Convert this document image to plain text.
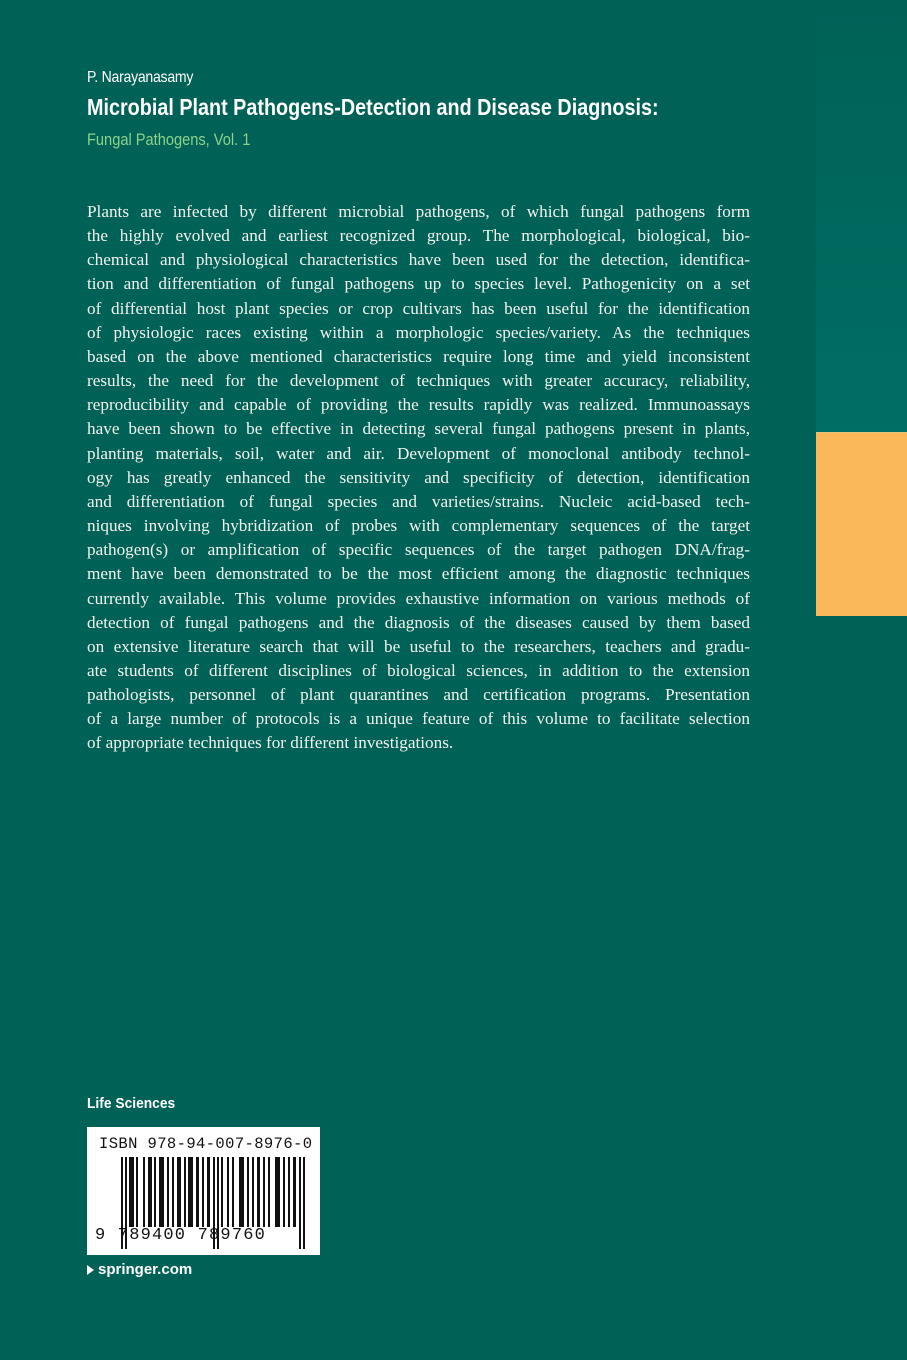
P. Narayanasamy
Microbial Plant Pathogens-Detection and Disease Diagnosis:
Fungal Pathogens, Vol. 1
Plants are infected by different microbial pathogens, of which fungal pathogens form
the highly evolved and earliest recognized group. The morphological, biological, bio-
chemical and physiological characteristics have been used for the detection, identifica-
tion and differentiation of fungal pathogens up to species level. Pathogenicity on a set
of differential host plant species or crop cultivars has been useful for the identification
of physiologic races existing within a morphologic species/variety. As the techniques
based on the above mentioned characteristics require long time and yield inconsistent
results, the need for the development of techniques with greater accuracy, reliability,
reproducibility and capable of providing the results rapidly was realized. Immunoassays
have been shown to be effective in detecting several fungal pathogens present in plants,
planting materials, soil, water and air. Development of monoclonal antibody technol-
ogy has greatly enhanced the sensitivity and specificity of detection, identification
and differentiation of fungal species and varieties/strains. Nucleic acid-based tech-
niques involving hybridization of probes with complementary sequences of the target
pathogen(s) or amplification of specific sequences of the target pathogen DNA/frag-
ment have been demonstrated to be the most efficient among the diagnostic techniques
currently available. This volume provides exhaustive information on various methods of
detection of fungal pathogens and the diagnosis of the diseases caused by them based
on extensive literature search that will be useful to the researchers, teachers and gradu-
ate students of different disciplines of biological sciences, in addition to the extension
pathologists, personnel of plant quarantines and certification programs. Presentation
of a large number of protocols is a unique feature of this volume to facilitate selection
of appropriate techniques for different investigations.
Life Sciences
ISBN 978-94-007-8976-0
9 789400 789760
springer.com
